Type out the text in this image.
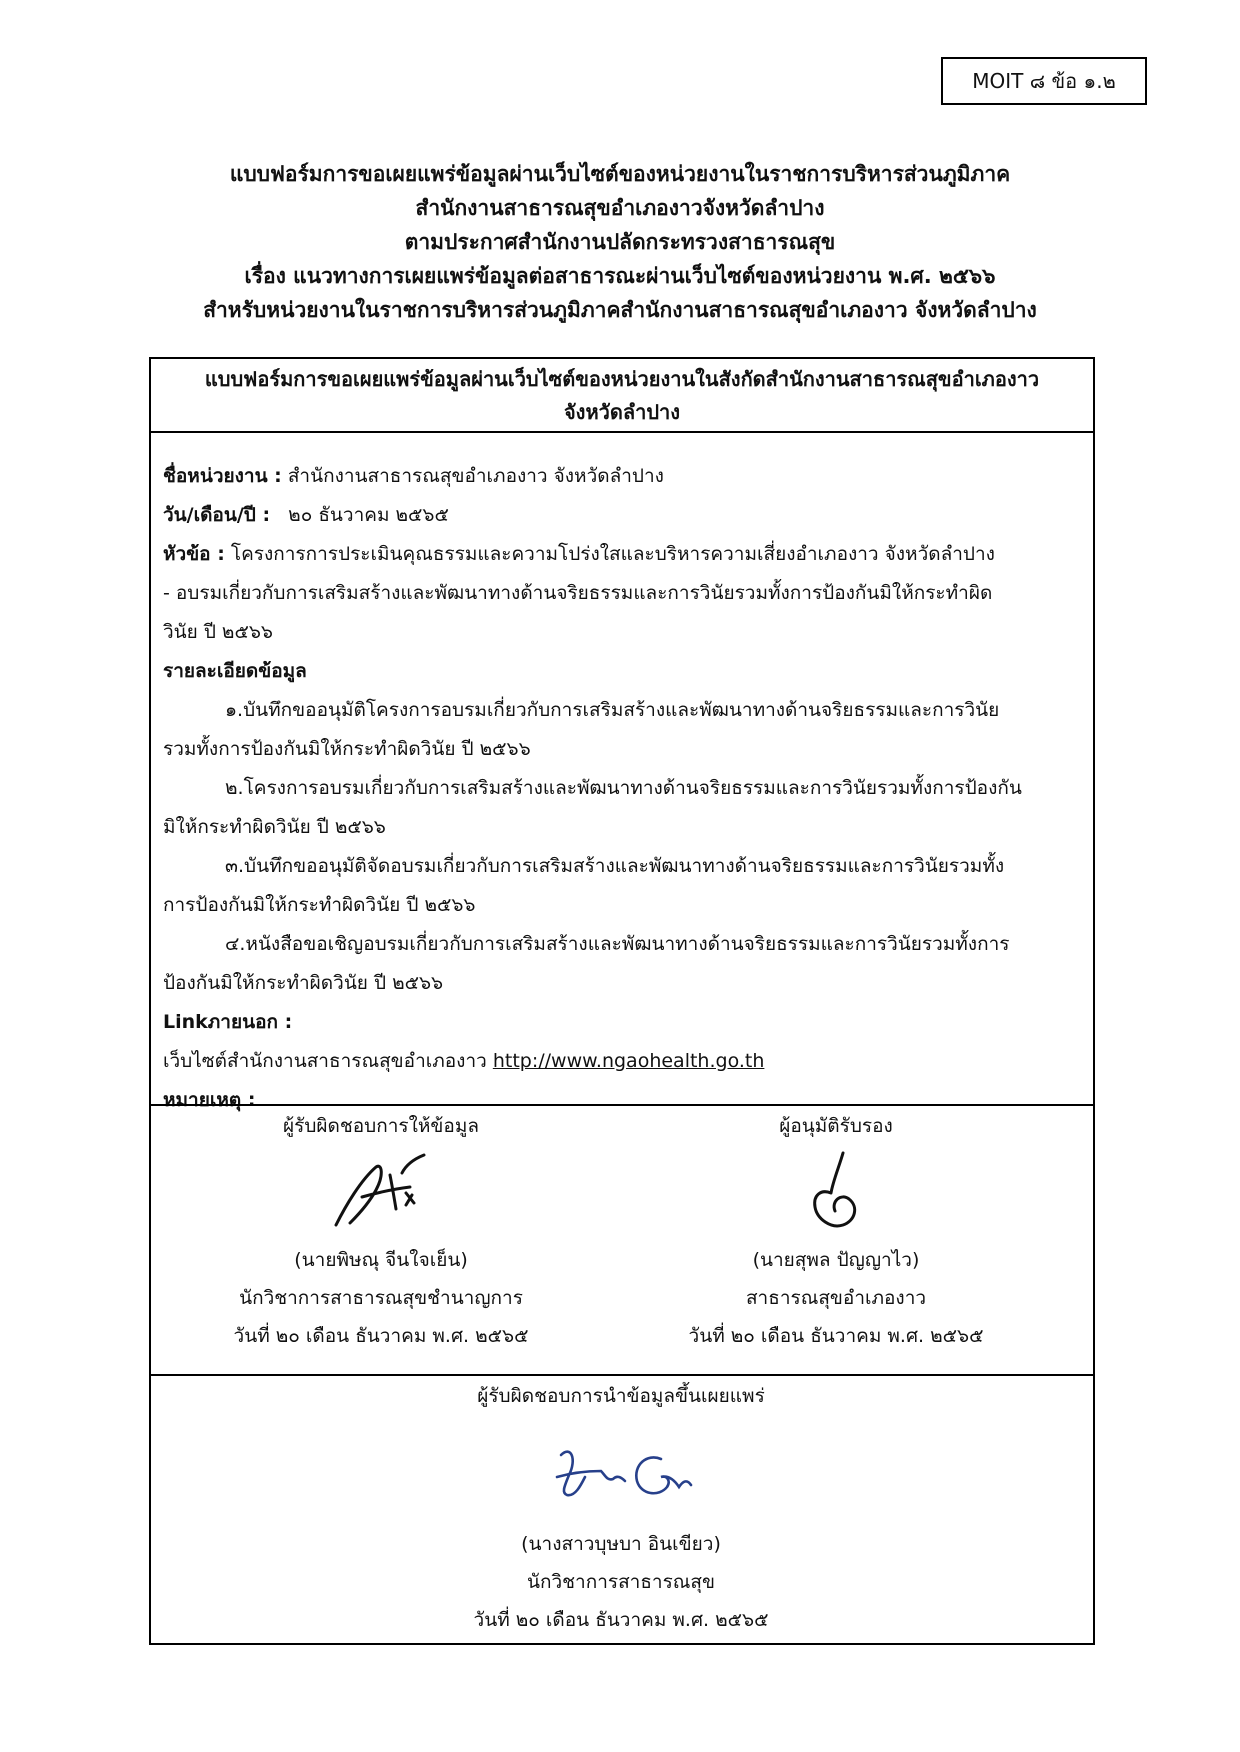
MOIT ๘ ข้อ ๑.๒
แบบฟอร์มการขอเผยแพร่ข้อมูลผ่านเว็บไซต์ของหน่วยงานในราชการบริหารส่วนภูมิภาค
สำนักงานสาธารณสุขอำเภองาวจังหวัดลำปาง
ตามประกาศสำนักงานปลัดกระทรวงสาธารณสุข
เรื่อง แนวทางการเผยแพร่ข้อมูลต่อสาธารณะผ่านเว็บไซต์ของหน่วยงาน พ.ศ. ๒๕๖๖
สำหรับหน่วยงานในราชการบริหารส่วนภูมิภาคสำนักงานสาธารณสุขอำเภองาว จังหวัดลำปาง
แบบฟอร์มการขอเผยแพร่ข้อมูลผ่านเว็บไซต์ของหน่วยงานในสังกัดสำนักงานสาธารณสุขอำเภองาว
จังหวัดลำปาง
ชื่อหน่วยงาน : สำนักงานสาธารณสุขอำเภองาว จังหวัดลำปาง
วัน/เดือน/ปี : ๒๐ ธันวาคม ๒๕๖๕
หัวข้อ : โครงการการประเมินคุณธรรมและความโปร่งใสและบริหารความเสี่ยงอำเภองาว จังหวัดลำปาง
- อบรมเกี่ยวกับการเสริมสร้างและพัฒนาทางด้านจริยธรรมและการวินัยรวมทั้งการป้องกันมิให้กระทำผิด
วินัย ปี ๒๕๖๖
รายละเอียดข้อมูล
๑.บันทึกขออนุมัติโครงการอบรมเกี่ยวกับการเสริมสร้างและพัฒนาทางด้านจริยธรรมและการวินัย
รวมทั้งการป้องกันมิให้กระทำผิดวินัย ปี ๒๕๖๖
๒.โครงการอบรมเกี่ยวกับการเสริมสร้างและพัฒนาทางด้านจริยธรรมและการวินัยรวมทั้งการป้องกัน
มิให้กระทำผิดวินัย ปี ๒๕๖๖
๓.บันทึกขออนุมัติจัดอบรมเกี่ยวกับการเสริมสร้างและพัฒนาทางด้านจริยธรรมและการวินัยรวมทั้ง
การป้องกันมิให้กระทำผิดวินัย ปี ๒๕๖๖
๔.หนังสือขอเชิญอบรมเกี่ยวกับการเสริมสร้างและพัฒนาทางด้านจริยธรรมและการวินัยรวมทั้งการ
ป้องกันมิให้กระทำผิดวินัย ปี ๒๕๖๖
Linkภายนอก :
เว็บไซต์สำนักงานสาธารณสุขอำเภองาว http://www.ngaohealth.go.th
หมายเหตุ :
ผู้รับผิดชอบการให้ข้อมูล
(นายพิษณุ จีนใจเย็น)
นักวิชาการสาธารณสุขชำนาญการ
วันที่ ๒๐ เดือน ธันวาคม พ.ศ. ๒๕๖๕
ผู้อนุมัติรับรอง
(นายสุพล ปัญญาไว)
สาธารณสุขอำเภองาว
วันที่ ๒๐ เดือน ธันวาคม พ.ศ. ๒๕๖๕
ผู้รับผิดชอบการนำข้อมูลขึ้นเผยแพร่
(นางสาวบุษบา อินเขียว)
นักวิชาการสาธารณสุข
วันที่ ๒๐ เดือน ธันวาคม พ.ศ. ๒๕๖๕
